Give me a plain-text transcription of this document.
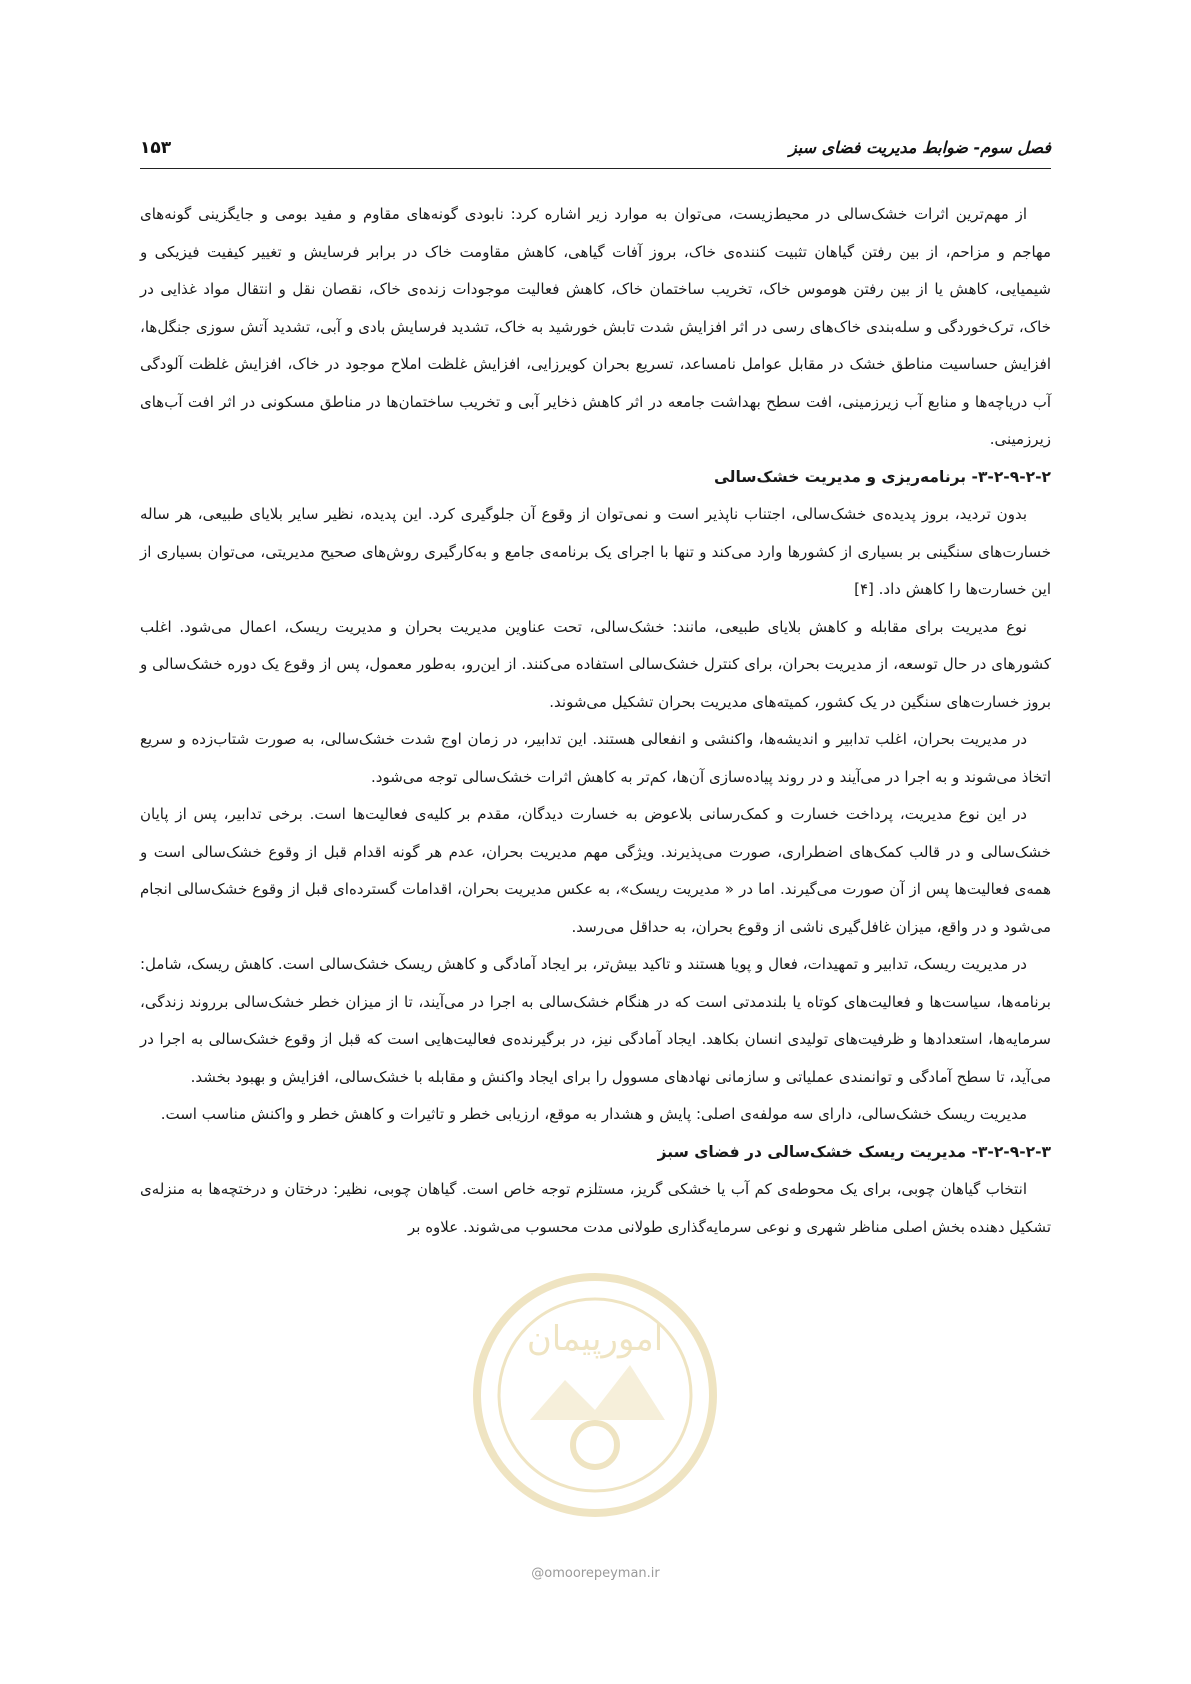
فصل سوم- ضوابط مدیریت فضای سبز
۱۵۳

از مهم‌ترین اثرات خشک‌سالی در محیط‌زیست، می‌توان به موارد زیر اشاره کرد: نابودی گونه‌های مقاوم و مفید بومی و جایگزینی گونه‌های مهاجم و مزاحم، از بین رفتن گیاهان تثبیت کننده‌ی خاک، بروز آفات گیاهی، کاهش مقاومت خاک در برابر فرسایش و تغییر کیفیت فیزیکی و شیمیایی، کاهش یا از بین رفتن هوموس خاک، تخریب ساختمان خاک، کاهش فعالیت موجودات زنده‌ی خاک، نقصان نقل و انتقال مواد غذایی در خاک، ترک‌خوردگی و سله‌بندی خاک‌های رسی در اثر افزایش شدت تابش خورشید به خاک، تشدید فرسایش بادی و آبی، تشدید آتش سوزی جنگل‌ها، افزایش حساسیت مناطق خشک در مقابل عوامل نامساعد، تسریع بحران کویرزایی، افزایش غلظت املاح موجود در خاک، افزایش غلظت آلودگی آب دریاچه‌ها و منابع آب زیرزمینی، افت سطح بهداشت جامعه در اثر کاهش ذخایر آبی و تخریب ساختمان‌ها در مناطق مسکونی در اثر افت آب‌های زیرزمینی.

۳-۲-۹-۲-۲- برنامه‌ریزی و مدیریت خشک‌سالی

بدون تردید، بروز پدیده‌ی خشک‌سالی، اجتناب ناپذیر است و نمی‌توان از وقوع آن جلوگیری کرد. این پدیده، نظیر سایر بلایای طبیعی، هر ساله خسارت‌های سنگینی بر بسیاری از کشورها وارد می‌کند و تنها با اجرای یک برنامه‌ی جامع و به‌کارگیری روش‌های صحیح مدیریتی، می‌توان بسیاری از این خسارت‌ها را کاهش داد. [۴]

نوع مدیریت برای مقابله و کاهش بلایای طبیعی، مانند: خشک‌سالی، تحت عناوین مدیریت بحران و مدیریت ریسک، اعمال می‌شود. اغلب کشورهای در حال توسعه، از مدیریت بحران، برای کنترل خشک‌سالی استفاده می‌کنند. از این‌رو، به‌طور معمول، پس از وقوع یک دوره خشک‌سالی و بروز خسارت‌های سنگین در یک کشور، کمیته‌های مدیریت بحران تشکیل می‌شوند.

در مدیریت بحران، اغلب تدابیر و اندیشه‌ها، واکنشی و انفعالی هستند. این تدابیر، در زمان اوج شدت خشک‌سالی، به صورت شتاب‌زده و سریع اتخاذ می‌شوند و به اجرا در می‌آیند و در روند پیاده‌سازی آن‌ها، کم‌تر به کاهش اثرات خشک‌سالی توجه می‌شود.

در این نوع مدیریت، پرداخت خسارت و کمک‌رسانی بلاعوض به خسارت دیدگان، مقدم بر کلیه‌ی فعالیت‌ها است. برخی تدابیر، پس از پایان خشک‌سالی و در قالب کمک‌های اضطراری، صورت می‌پذیرند. ویژگی مهم مدیریت بحران، عدم هر گونه اقدام قبل از وقوع خشک‌سالی است و همه‌ی فعالیت‌ها پس از آن صورت می‌گیرند. اما در « مدیریت ریسک»، به عکس مدیریت بحران، اقدامات گسترده‌ای قبل از وقوع خشک‌سالی انجام می‌شود و در واقع، میزان غافل‌گیری ناشی از وقوع بحران، به حداقل می‌رسد.

در مدیریت ریسک، تدابیر و تمهیدات، فعال و پویا هستند و تاکید بیش‌تر، بر ایجاد آمادگی و کاهش ریسک خشک‌سالی است. کاهش ریسک، شامل: برنامه‌ها، سیاست‌ها و فعالیت‌های کوتاه یا بلندمدتی است که در هنگام خشک‌سالی به اجرا در می‌آیند، تا از میزان خطر خشک‌سالی برروند زندگی، سرمایه‌ها، استعدادها و ظرفیت‌های تولیدی انسان بکاهد. ایجاد آمادگی نیز، در برگیرنده‌ی فعالیت‌هایی است که قبل از وقوع خشک‌سالی به اجرا در می‌آید، تا سطح آمادگی و توانمندی عملیاتی و سازمانی نهادهای مسوول را برای ایجاد واکنش و مقابله با خشک‌سالی، افزایش و بهبود بخشد.

مدیریت ریسک خشک‌سالی، دارای سه مولفه‌ی اصلی: پایش و هشدار به موقع، ارزیابی خطر و تاثیرات و کاهش خطر و واکنش مناسب است.

۳-۲-۹-۲-۳- مدیریت ریسک خشک‌سالی در فضای سبز

انتخاب گیاهان چوبی، برای یک محوطه‌ی کم آب یا خشکی گریز، مستلزم توجه خاص است. گیاهان چوبی، نظیر: درختان و درختچه‌ها به منزله‌ی تشکیل دهنده بخش اصلی مناظر شهری و نوعی سرمایه‌گذاری طولانی مدت محسوب می‌شوند. علاوه بر

امورپیمان
@omoorepeyman.ir
